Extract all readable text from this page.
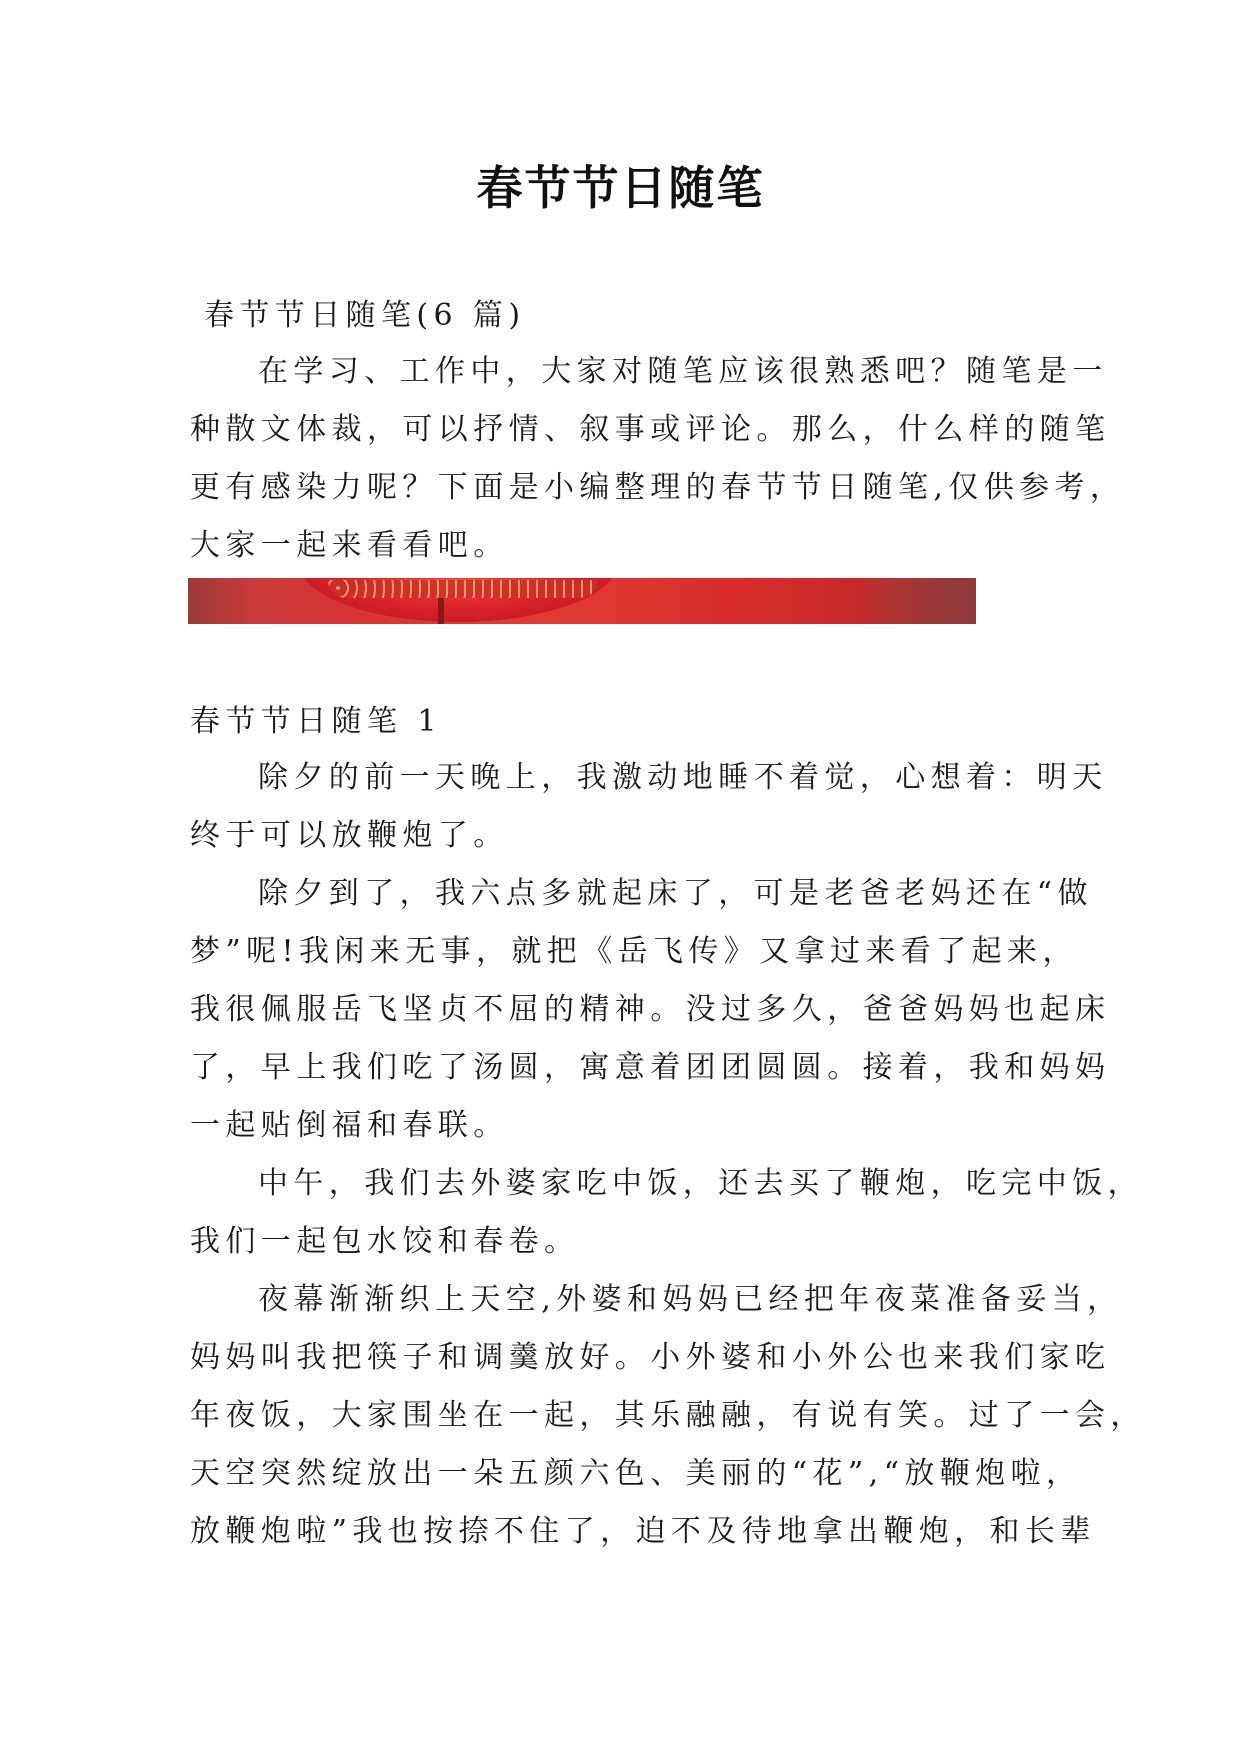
春节节日随笔

春节节日随笔(6 篇)

在学习、工作中，大家对随笔应该很熟悉吧？随笔是一

种散文体裁，可以抒情、叙事或评论。那么，什么样的随笔

更有感染力呢？下面是小编整理的春节节日随笔,仅供参考，

大家一起来看看吧。

春节节日随笔 1

除夕的前一天晚上，我激动地睡不着觉，心想着：明天

终于可以放鞭炮了。

除夕到了，我六点多就起床了，可是老爸老妈还在“做

梦”呢!我闲来无事，就把《岳飞传》又拿过来看了起来，

我很佩服岳飞坚贞不屈的精神。没过多久，爸爸妈妈也起床

了，早上我们吃了汤圆，寓意着团团圆圆。接着，我和妈妈

一起贴倒福和春联。

中午，我们去外婆家吃中饭，还去买了鞭炮，吃完中饭，

我们一起包水饺和春卷。

夜幕渐渐织上天空,外婆和妈妈已经把年夜菜准备妥当，

妈妈叫我把筷子和调羹放好。小外婆和小外公也来我们家吃

年夜饭，大家围坐在一起，其乐融融，有说有笑。过了一会，

天空突然绽放出一朵五颜六色、美丽的“花”,“放鞭炮啦，

放鞭炮啦”我也按捺不住了，迫不及待地拿出鞭炮，和长辈
